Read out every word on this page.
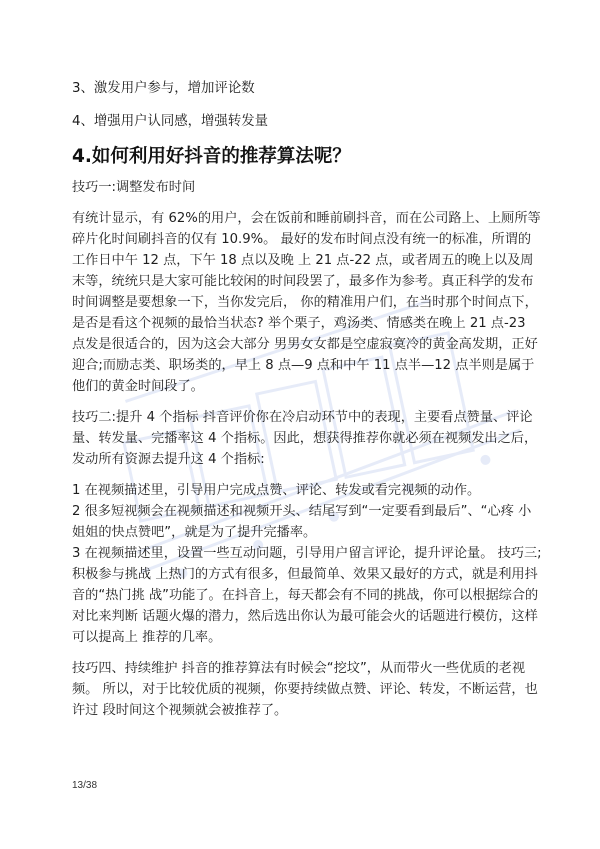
3、激发用户参与，增加评论数

4、增强用户认同感，增强转发量

4.如何利用好抖音的推荐算法呢？

技巧一:调整发布时间

有统计显示，有 62%的用户，会在饭前和睡前刷抖音，而在公司路上、上厕所等 碎片化时间刷抖音的仅有 10.9%。 最好的发布时间点没有统一的标准，所谓的工作日中午 12 点，下午 18 点以及晚 上 21 点-22 点，或者周五的晚上以及周末等，统统只是大家可能比较闲的时间段罢了，最多作为参考。真正科学的发布时间调整是要想象一下，当你发完后， 你的精准用户们，在当时那个时间点下，是否是看这个视频的最恰当状态? 举个栗子，鸡汤类、情感类在晚上 21 点-23 点发是很适合的，因为这会大部分 男男女女都是空虚寂寞冷的黄金高发期，正好迎合;而励志类、职场类的，早上 8 点—9 点和中午 11 点半—12 点半则是属于他们的黄金时间段了。

技巧二:提升 4 个指标 抖音评价你在冷启动环节中的表现，主要看点赞量、评论量、转发量、完播率这 4 个指标。因此，想获得推荐你就必须在视频发出之后，发动所有资源去提升这 4 个指标:

1 在视频描述里，引导用户完成点赞、评论、转发或看完视频的动作。

2 很多短视频会在视频描述和视频开头、结尾写到“一定要看到最后”、“心疼 小姐姐的快点赞吧”，就是为了提升完播率。

3 在视频描述里，设置一些互动问题，引导用户留言评论，提升评论量。 技巧三;积极参与挑战 上热门的方式有很多，但最简单、效果又最好的方式，就是利用抖音的“热门挑 战”功能了。在抖音上，每天都会有不同的挑战，你可以根据综合的对比来判断 话题火爆的潜力，然后选出你认为最可能会火的话题进行模仿，这样可以提高上 推荐的几率。

技巧四、持续维护 抖音的推荐算法有时候会“挖坟”，从而带火一些优质的老视频。 所以，对于比较优质的视频，你要持续做点赞、评论、转发，不断运营，也许过 段时间这个视频就会被推荐了。

13/38
